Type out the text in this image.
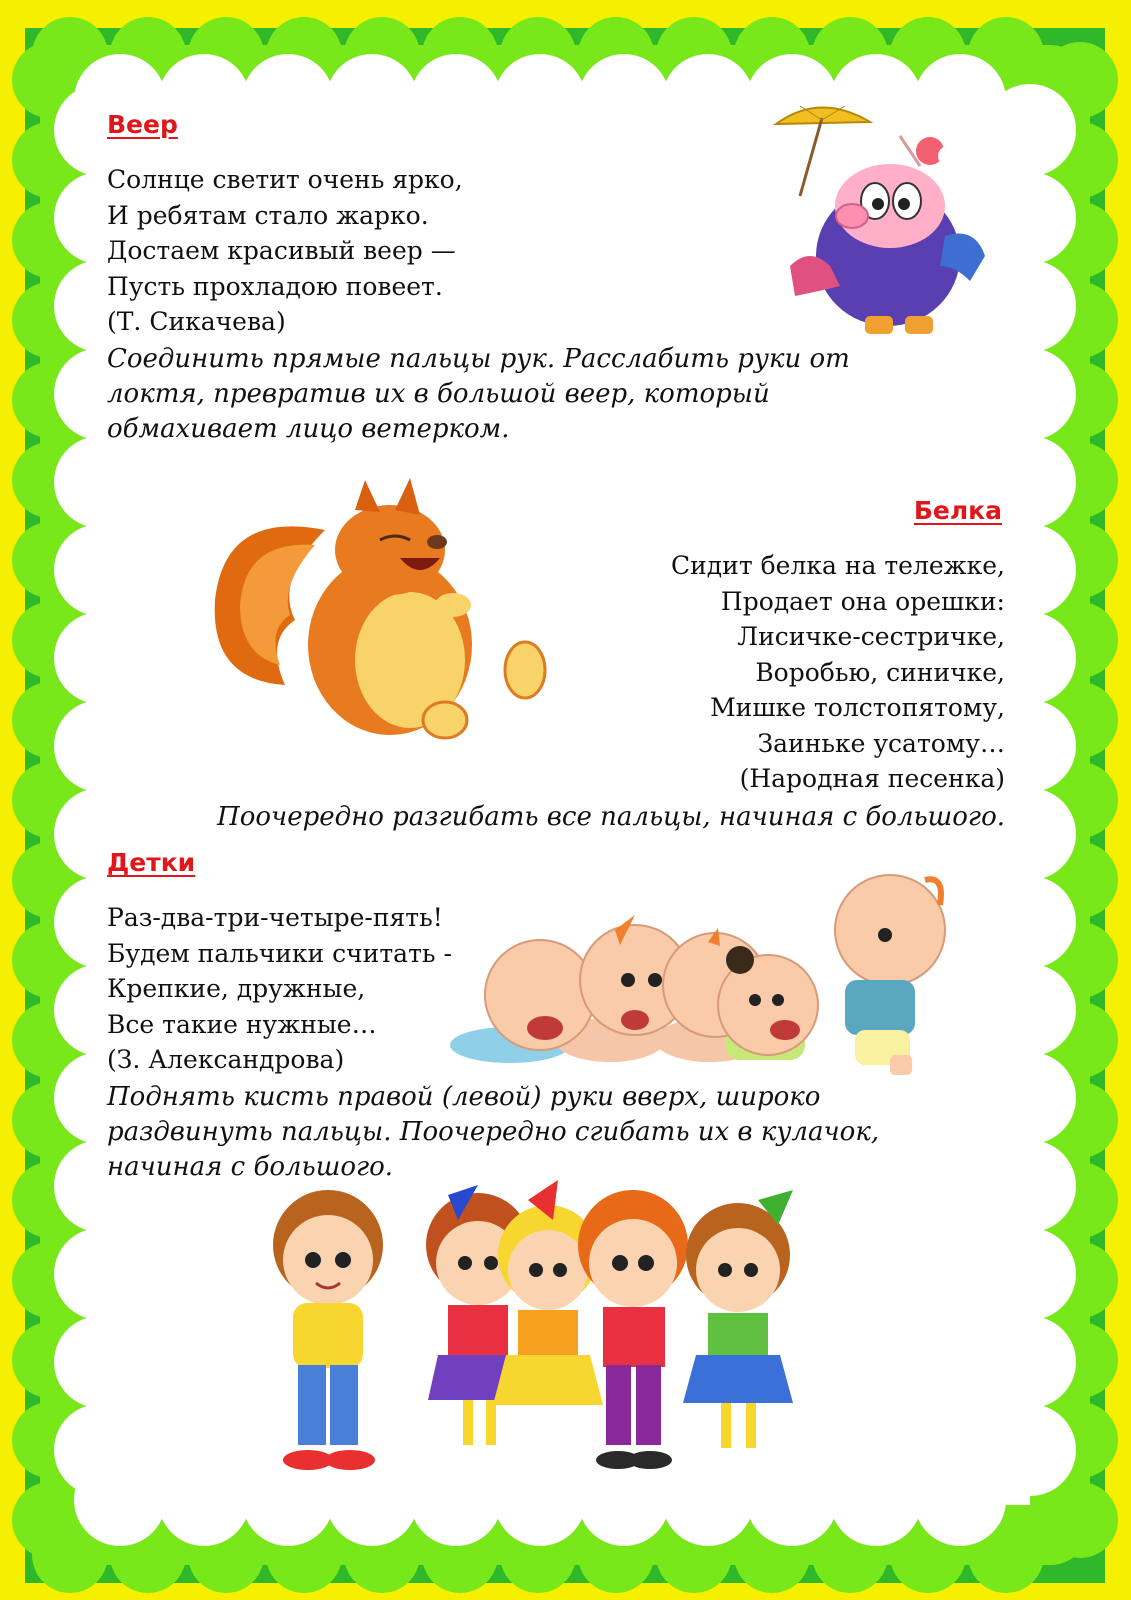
Веер
Солнце светит очень ярко,
И ребятам стало жарко.
Достаем красивый веер —
Пусть прохладою повеет.
(Т. Сикачева)
Соединить прямые пальцы рук. Расслабить руки от
локтя, превратив их в большой веер, который
обмахивает лицо ветерком.
Белка
Сидит белка на тележке,
Продает она орешки:
Лисичке-сестричке,
Воробью, синичке,
Мишке толстопятому,
Заиньке усатому…
(Народная песенка)
Поочередно разгибать все пальцы, начиная с большого.
Детки
Раз-два-три-четыре-пять!
Будем пальчики считать -
Крепкие, дружные,
Все такие нужные…
(З. Александрова)
Поднять кисть правой (левой) руки вверх, широко
раздвинуть пальцы. Поочередно сгибать их в кулачок,
начиная с большого.
